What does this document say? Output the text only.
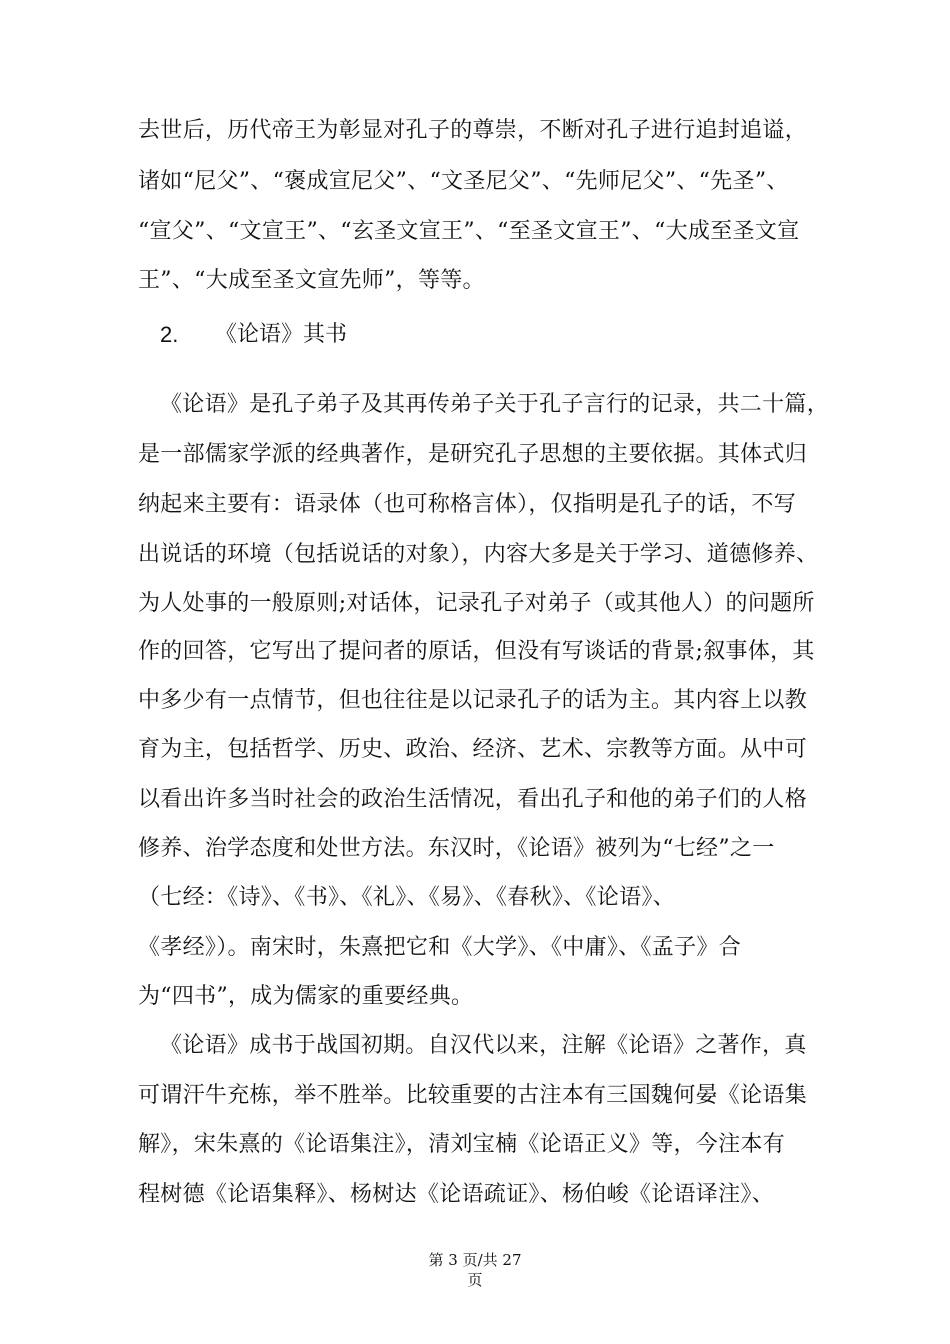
去世后，历代帝王为彰显对孔子的尊崇，不断对孔子进行追封追谥，
诸如“尼父”、“褒成宣尼父”、“文圣尼父”、“先师尼父”、“先圣”、
“宣父”、“文宣王”、“玄圣文宣王”、“至圣文宣王”、“大成至圣文宣
王”、“大成至圣文宣先师”，等等。
2. 《论语》其书
《论语》是孔子弟子及其再传弟子关于孔子言行的记录，共二十篇，
是一部儒家学派的经典著作，是研究孔子思想的主要依据。其体式归
纳起来主要有：语录体（也可称格言体），仅指明是孔子的话，不写
出说话的环境（包括说话的对象），内容大多是关于学习、道德修养、
为人处事的一般原则;对话体，记录孔子对弟子（或其他人）的问题所
作的回答，它写出了提问者的原话，但没有写谈话的背景;叙事体，其
中多少有一点情节，但也往往是以记录孔子的话为主。其内容上以教
育为主，包括哲学、历史、政治、经济、艺术、宗教等方面。从中可
以看出许多当时社会的政治生活情况，看出孔子和他的弟子们的人格
修养、治学态度和处世方法。东汉时，《论语》被列为“七经”之一
（七经：《诗》、《书》、《礼》、《易》、《春秋》、《论语》、
《孝经》）。南宋时，朱熹把它和《大学》、《中庸》、《孟子》合
为“四书”，成为儒家的重要经典。
《论语》成书于战国初期。自汉代以来，注解《论语》之著作，真
可谓汗牛充栋，举不胜举。比较重要的古注本有三国魏何晏《论语集
解》，宋朱熹的《论语集注》，清刘宝楠《论语正义》等，今注本有
程树德《论语集释》、杨树达《论语疏证》、杨伯峻《论语译注》、
第 3 页/共 27
页
